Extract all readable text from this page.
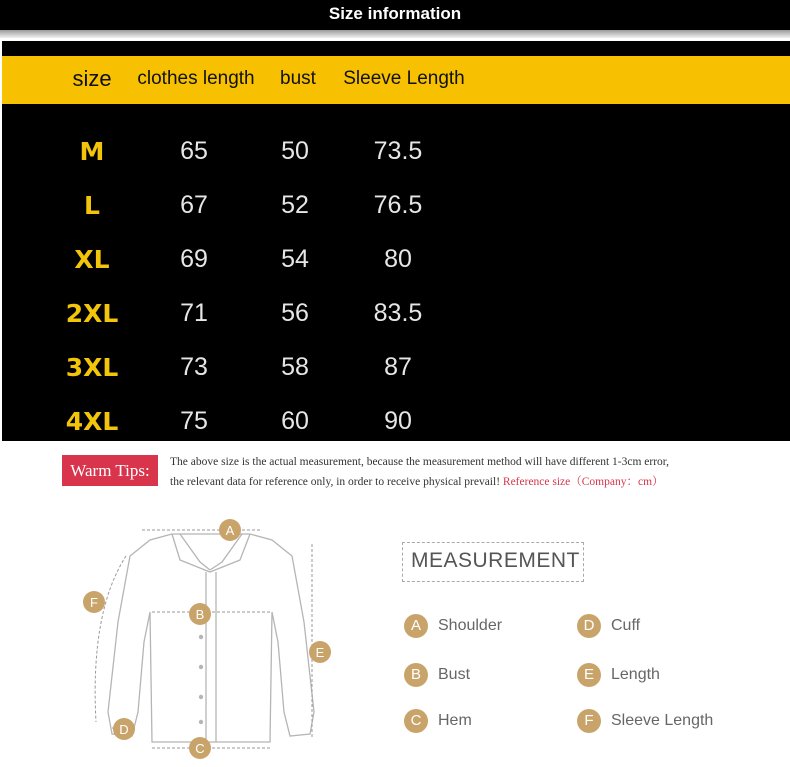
Size information
size	clothes length	bust	Sleeve Length
M	65	50	73.5
L	67	52	76.5
XL	69	54	80
2XL	71	56	83.5
3XL	73	58	87
4XL	75	60	90
Warm Tips:	The above size is the actual measurement, because the measurement method will have different 1-3cm error,
the relevant data for reference only, in order to receive physical prevail! Reference size（Company：cm）
A
B
C
D
E
F
MEASUREMENT
A	Shoulder
B	Bust
C	Hem
D	Cuff
E	Length
F	Sleeve Length
